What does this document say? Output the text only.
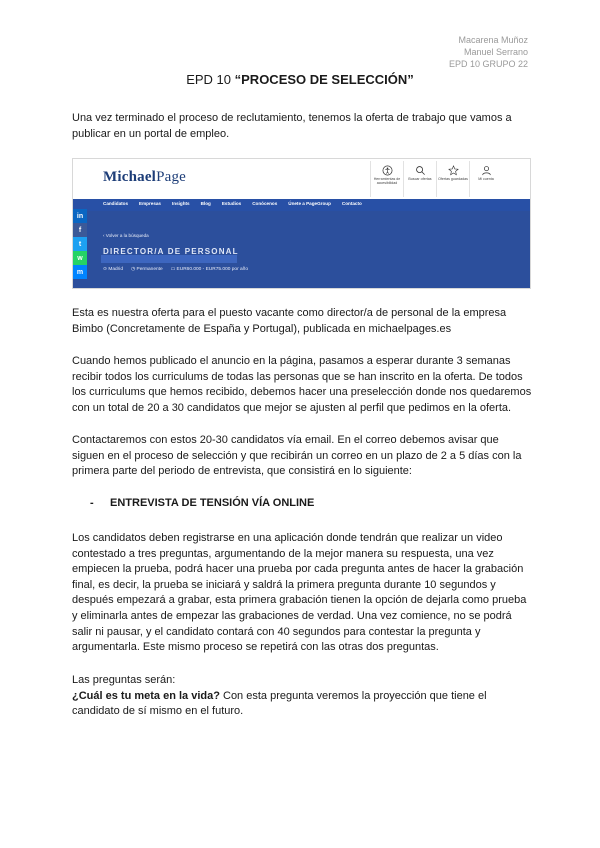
Macarena Muñoz
Manuel Serrano
EPD 10 GRUPO 22
EPD 10 “PROCESO DE SELECCIÓN”
Una vez terminado el proceso de reclutamiento, tenemos la oferta de trabajo que vamos a publicar en un portal de empleo.
MichaelPage	Herramientas de accesibilidad
Buscar ofertas Ofertas guardadas	Mi cuenta
Candidatos Empresas Insights Blog Estudios Conócenos Únete a PageGroup Contacto
‹ Volver a la búsqueda
DIRECTOR/A DE PERSONAL
⊙ Madrid ◷ Permanente ▭ EUR60.000 - EUR75.000 por año
in
f
t
w
m
Esta es nuestra oferta para el puesto vacante como director/a de personal de la empresa Bimbo (Concretamente de España y Portugal), publicada en michaelpages.es
Cuando hemos publicado el anuncio en la página, pasamos a esperar durante 3 semanas recibir todos los curriculums de todas las personas que se han inscrito en la oferta. De todos los curriculums que hemos recibido, debemos hacer una preselección donde nos quedaremos con un total de 20 a 30 candidatos que mejor se ajusten al perfil que pedimos en la oferta.
Contactaremos con estos 20-30 candidatos vía email. En el correo debemos avisar que siguen en el proceso de selección y que recibirán un correo en un plazo de 2 a 5 días con la primera parte del periodo de entrevista, que consistirá en lo siguiente:
- ENTREVISTA DE TENSIÓN VÍA ONLINE
Los candidatos deben registrarse en una aplicación donde tendrán que realizar un video contestado a tres preguntas, argumentando de la mejor manera su respuesta, una vez empiecen la prueba, podrá hacer una prueba por cada pregunta antes de hacer la grabación final, es decir, la prueba se iniciará y saldrá la primera pregunta durante 10 segundos y después empezará a grabar, esta primera grabación tienen la opción de dejarla como prueba y eliminarla antes de empezar las grabaciones de verdad. Una vez comience, no se podrá salir ni pausar, y el candidato contará con 40 segundos para contestar la pregunta y argumentarla. Este mismo proceso se repetirá con las otras dos preguntas.
Las preguntas serán:
¿Cuál es tu meta en la vida? Con esta pregunta veremos la proyección que tiene el candidato de sí mismo en el futuro.
